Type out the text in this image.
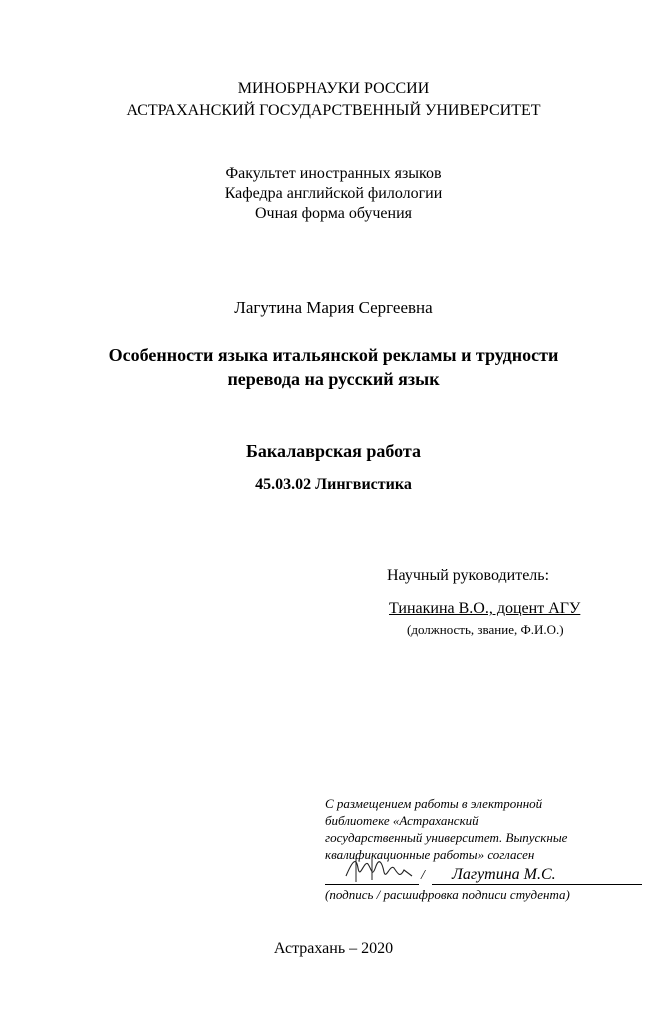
МИНОБРНАУКИ РОССИИ
АСТРАХАНСКИЙ ГОСУДАРСТВЕННЫЙ УНИВЕРСИТЕТ
Факультет иностранных языков
Кафедра английской филологии
Очная форма обучения
Лагутина Мария Сергеевна
Особенности языка итальянской рекламы и трудности
перевода на русский язык
Бакалаврская работа
45.03.02 Лингвистика
Научный руководитель:
Тинакина В.О., доцент АГУ
(должность, звание, Ф.И.О.)
С размещением работы в электронной
библиотеке «Астраханский
государственный университет. Выпускные
квалификационные работы» согласен
/ Лагутина М.С.
(подпись / расшифровка подписи студента)
Астрахань – 2020
